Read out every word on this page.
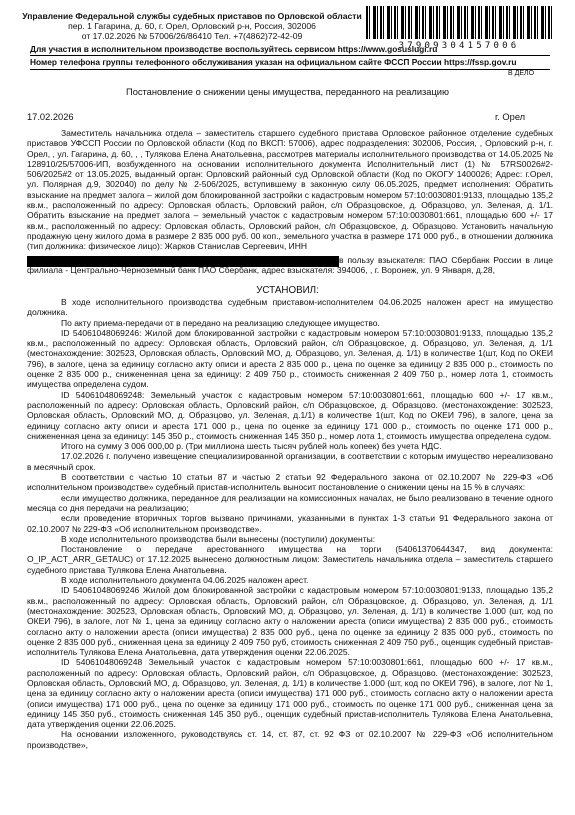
Управление Федеральной службы судебных приставов по Орловской области
пер. 1 Гагарина, д. 60, г. Орел, Орловский р-н, Россия, 302006
от 17.02.2026 № 57006/26/86410 Тел. +7(4862)72-42-09
37909304157006
Для участия в исполнительном производстве воспользуйтесь сервисом https://www.gosuslugi.ru
Номер телефона группы телефонного обслуживания указан на официальном сайте ФССП России https://fssp.gov.ru
В ДЕЛО
Постановление о снижении цены имущества, переданного на реализацию
17.02.2026	г. Орел

Заместитель начальника отдела – заместитель старшего судебного пристава Орловское районное отделение судебных приставов УФССП России по Орловской области (Код по ВКСП: 57006), адрес подразделения: 302006, Россия, , Орловский р-н, г. Орел, , ул. Гагарина, д. 60, , , Тулякова Елена Анатольевна, рассмотрев материалы исполнительного производства от 14.05.2025 № 128910/25/57006-ИП, возбужденного на основании исполнительного документа Исполнительный лист (1) № 57RS0026#2-506/2025#2 от 13.05.2025, выданный орган: Орловский районный суд Орловской области (Код по ОКОГУ 1400026; Адрес: г.Орел, ул. Полярная д.9, 302040) по делу № 2-506/2025, вступившему в законную силу 06.05.2025, предмет исполнения: Обратить взыскание на предмет залога – жилой дом блокированной застройки с кадастровым номером 57:10:0030801:9133, площадью 135,2 кв.м., расположенный по адресу: Орловская область, Орловский район, с/п Образцовское, д. Образцово, ул. Зеленая, д. 1/1. Обратить взыскание на предмет залога – земельный участок с кадастровым номером 57:10:0030801:661, площадью 600 +/- 17 кв.м., расположенный по адресу: Орловская область, Орловский район, с/п Образцовское, д. Образцово. Установить начальную продажную цену жилого дома в размере 2 835 000 руб. 00 коп., земельного участка в размере 171 000 руб., в отношении должника (тип должника: физическое лицо): Жарков Станислав Сергеевич, ИНН

в пользу взыскателя: ПАО Сбербанк России в лице филиала - Центрально-Черноземный банк ПАО Сбербанк, адрес взыскателя: 394006, , г. Воронеж, ул. 9 Января, д.28,

УСТАНОВИЛ:

В ходе исполнительного производства судебным приставом-исполнителем 04.06.2025 наложен арест на имущество должника.

По акту приема-передачи от в передано на реализацию следующее имущество.

ID 54061048069246: Жилой дом блокированной застройки с кадастровым номером 57:10:0030801:9133, площадью 135,2 кв.м., расположенный по адресу: Орловская область, Орловский район, с/п Образцовское, д. Образцово, ул. Зеленая, д. 1/1 (местонахождение: 302523, Орловская область, Орловский МО, д. Образцово, ул. Зеленая, д. 1/1) в количестве 1(шт, Код по ОКЕИ 796), в залоге, цена за единицу согласно акту описи и ареста 2 835 000 р., цена по оценке за единицу 2 835 000 р., стоимость по оценке 2 835 000 р., снижененная цена за единицу: 2 409 750 р., стоимость сниженная 2 409 750 р., номер лота 1, стоимость имущества определена судом.

ID 54061048069248: Земельный участок с кадастровым номером 57:10:0030801:661, площадью 600 +/- 17 кв.м., расположенный по адресу: Орловская область, Орловский район, с/п Образцовское, д. Образцово. (местонахождение: 302523, Орловская область, Орловский МО, д. Образцово, ул. Зеленая, д.1/1) в количестве 1(шт, Код по ОКЕИ 796), в залоге, цена за единицу согласно акту описи и ареста 171 000 р., цена по оценке за единицу 171 000 р., стоимость по оценке 171 000 р., снижененная цена за единицу: 145 350 р., стоимость сниженная 145 350 р., номер лота 1, стоимость имущества определена судом.

Итого на сумму 3 006 000,00 р. (Три миллиона шесть тысяч рублей ноль копеек) без учета НДС.

17.02.2026 г. получено извещение специализированной организации, в соответствии с которым имущество нереализовано в месячный срок.

В соответствии с частью 10 статьи 87 и частью 2 статьи 92 Федерального закона от 02.10.2007 № 229-ФЗ «Об исполнительном производстве» судебный пристав-исполнитель выносит постановление о снижении цены на 15 % в случаях:

если имущество должника, переданное для реализации на комиссионных началах, не было реализовано в течение одного месяца со дня передачи на реализацию;

если проведение вторичных торгов вызвано причинами, указанными в пунктах 1-3 статьи 91 Федерального закона от 02.10.2007 № 229-ФЗ «Об исполнительном производстве».

В ходе исполнительного производства были вынесены (поступили) документы:

Постановление о передаче арестованного имущества на торги (54061370644347, вид документа: O_IP_ACT_ARR_GETAUC) от 17.12.2025 вынесено должностным лицом: Заместитель начальника отдела – заместитель старшего судебного пристава Тулякова Елена Анатольевна.

В ходе исполнительного документа 04.06.2025 наложен арест.

ID 54061048069246 Жилой дом блокированной застройки с кадастровым номером 57:10:0030801:9133, площадью 135,2 кв.м., расположенный по адресу: Орловская область, Орловский район, с/п Образцовское, д. Образцово, ул. Зеленая, д. 1/1 (местонахождение: 302523, Орловская область, Орловский МО, д. Образцово, ул. Зеленая, д. 1/1) в количестве 1.000 (шт, код по ОКЕИ 796), в залоге, лот № 1, цена за единицу согласно акту о наложении ареста (описи имущества) 2 835 000 руб., стоимость согласно акту о наложении ареста (описи имущества) 2 835 000 руб., цена по оценке за единицу 2 835 000 руб., стоимость по оценке 2 835 000 руб., сниженная цена за единицу 2 409 750 руб, стоимость сниженная 2 409 750 руб., оценщик судебный пристав-исполнитель Тулякова Елена Анатольевна, дата утверждения оценки 22.06.2025.

ID 54061048069248 Земельный участок с кадастровым номером 57:10:0030801:661, площадью 600 +/- 17 кв.м., расположенный по адресу: Орловская область, Орловский район, с/п Образцовское, д. Образцово. (местонахождение: 302523, Орловская область, Орловский МО, д. Образцово, ул. Зеленая, д. 1/1) в количестве 1.000 (шт, код по ОКЕИ 796), в залоге, лот № 1, цена за единицу согласно акту о наложении ареста (описи имущества) 171 000 руб., стоимость согласно акту о наложении ареста (описи имущества) 171 000 руб., цена по оценке за единицу 171 000 руб., стоимость по оценке 171 000 руб., сниженная цена за единицу 145 350 руб., стоимость сниженная 145 350 руб., оценщик судебный пристав-исполнитель Тулякова Елена Анатольевна, дата утверждения оценки 22.06.2025.

На основании изложенного, руководствуясь ст. 14, ст. 87, ст. 92 ФЗ от 02.10.2007 № 229-ФЗ «Об исполнительном производстве»,
